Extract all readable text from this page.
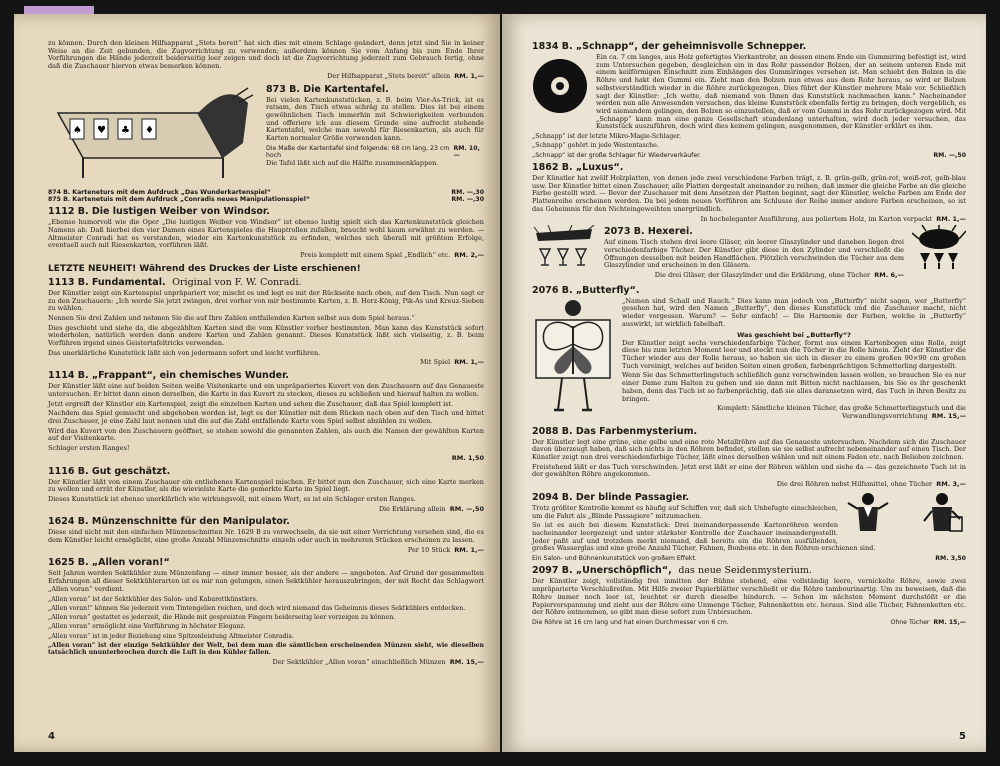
zu können. Durch den kleinen Hilfsapparat „Stets bereit“ hat sich dies mit einem Schlage geändert, denn jetzt sind Sie in keiner Weise an die Zeit gebunden, die Zugvorrichtung zu verwenden; außerdem können Sie vom Anfang bis zum Ende Ihrer Vorführungen die Hände jederzeit beiderseitig leer zeigen und doch ist die Zugvorrichtung jederzeit zum Gebrauch fertig, ohne daß die Zuschauer hiervon etwas bemerken können.

Der Hilfsapparat „Stets bereit“ allein RM. 1,—
♠ ♥ ♣ ♦
873 B. Die Kartentafel.

Bei vielen Kartenkunststücken, z. B. beim Vier-As-Trick, ist es ratsam, den Tisch etwas schräg zu stellen. Dies ist bei einem gewöhnlichen Tisch immerhin mit Schwierigkeiten verbunden und offeriere ich aus diesem Grunde eine aufrecht stehende Kartentafel, welche man sowohl für Riesenkarten, als auch für Karten normaler Größe verwenden kann.

Die Maße der Kartentafel sind folgende: 68 cm lang, 23 cm hoch
RM. 10,—

Die Tafel läßt sich auf die Hälfte zusammenklappen.

874 B. Karteneturs mit dem Aufdruck „Das Wunderkartenspiel“	RM. —,30
875 B. Kartenetuis mit dem Aufdruck „Conradis neues Manipulationsspiel“	RM. —,30
1112 B. Die lustigen Weiber von Windsor.

„Ebenso humorvoll wie die Oper „Die lustigen Weiber von Windsor“ ist ebenso lustig spielt sich das Kartenkunststück gleichen Namens ab. Daß hierbei den vier Damen eines Kartenspieles die Hauptrollen zufallen, braucht wohl kaum erwähnt zu werden. — Altmeister Conradi hat es verstanden, wieder ein Kartenkunststück zu erfinden, welches sich überall mit größtem Erfolge, eventuell auch mit Riesenkarten, vorführen läßt.

Preis komplett mit einem Spiel „Endlich“ etc. RM. 2,—
LETZTE NEUHEIT! Während des Druckes der Liste erschienen!
1113 B. Fundamental. Original von F. W. Conradi.

Der Künstler zeigt ein Kartenspiel unpräpariert vor, mischt es und legt es mit der Rückseite nach oben, auf den Tisch. Nun sagt er zu den Zuschauern: „Ich werde Sie jetzt zwingen, drei vorher von mir bestimmte Karten, z. B. Herz-König, Pik-As und Kreuz-Sieben zu wählen.

Nennen Sie drei Zahlen und nehmen Sie die auf Ihre Zahlen entfallenden Karten selbst aus dem Spiel heraus.“

Dies geschieht und siehe da, die abgezählten Karten sind die vom Künstler vorher bestimmten. Man kann das Kunststück sofort wiederholen, natürlich werden dann andere Karten und Zahlen genannt. Dieses Kunststück läßt sich vielseitig, z. B. beim Vorführen irgend eines Geistertafeltricks verwenden.

Das unerklärliche Kunststück läßt sich von jedermann sofort und leicht vorführen.

Mit Spiel RM. 1,—
1114 B. „Frappant“, ein chemisches Wunder.

Der Künstler läßt eine auf beiden Seiten weiße Visitenkarte und ein unpräpariertes Kuvert von den Zuschauern auf das Genaueste untersuchen. Er bittet dann einen derselben, die Karte in das Kuvert zu stecken, dieses zu schließen und hierauf halten zu wollen.

Jetzt ergreift der Künstler ein Kartenspiel, zeigt die einzelnen Karten und sehen die Zuschauer, daß das Spiel komplett ist.

Nachdem das Spiel gemischt und abgehoben worden ist, legt es der Künstler mit dem Rücken nach oben auf den Tisch und bittet drei Zuschauer, je eine Zahl laut nennen und die auf die Zahl entfallende Karte vom Spiel selbst abzählen zu wollen.

Wird das Kuvert von den Zuschauern geöffnet, so stehen sowohl die genannten Zahlen, als auch die Namen der gewählten Karten auf der Visitenkarte.

Schlager ersten Ranges!

RM. 1,50
1116 B. Gut geschätzt.

Der Künstler läßt von einem Zuschauer ein entliehenes Kartenspiel mischen. Er bittet nun den Zuschauer, sich eine Karte merken zu wollen und errät der Künstler, als die wievielste Karte die gemerkte Karte im Spiel liegt.

Dieses Kunststück ist ebenso unerklärlich wie wirkungsvoll, mit einem Wort, es ist ein Schlager ersten Ranges.

Die Erklärung allein RM. —,50
1624 B. Münzenschnitte für den Manipulator.

Diese sind nicht mit den einfachen Münzenschnitten Nr. 1629 B zu verwechseln, da sie mit einer Vorrichtung versehen sind, die es dem Künstler leicht ermöglicht, eine große Anzahl Münzenschnitte einzeln oder auch in mehreren Stücken erscheinen zu lassen.

Per 10 Stück RM. 1,—
1625 B. „Allen voran!“

Seit Jahren werden Sektkühler zum Münzenfang — einer immer besser, als der andere — angeboten. Auf Grund der gesammelten Erfahrungen all dieser Sektkühlerarten ist es mir nun gelungen, einen Sektkühler herauszubringen, der mit Recht das Schlagwort „Allen voran“ verdient.

„Allen voran“ ist der Sektkühler des Salon- und Kabarettkünstlers.

„Allen voran!“ können Sie jederzeit vom Tintengelien reichen, und doch wird niemand das Geheimnis dieses Sektkühlers entdecken.

„Allen voran“ gestattet es jederzeit, die Hände mit gespreizten Fingern beiderseitig leer vorzeigen zu können.

„Allen voran“ ermöglicht eine Vorführung in höchster Eleganz.

„Allen voran“ ist in jeder Beziehung eine Spitzenleistung Altmeister Conradis.

„Allen voran“ ist der einzige Sektkühler der Welt, bei dem man die sämtlichen erscheinenden Münzen sieht, wie dieselben tatsächlich ununterbrochen durch die Luft in den Kühler fallen.

Der Sektkühler „Allen voran“ einschließlich Münzen RM. 15,—
4
1834 B. „Schnapp“, der geheimnisvolle Schnepper.

Ein ca. 7 cm langes, aus Holz gefertigtes Vierkantrohr, an dessen einem Ende ein Gummiring befestigt ist, wird zum Untersuchen gegeben, desgleichen ein in das Rohr passender Bolzen, der an seinem unteren Ende mit einem keilförmigen Einschnitt zum Einhängen des Gummiringes versehen ist. Man schiebt den Bolzen in die Röhre und hakt den Gummi ein. Zieht man den Bolzen nun etwas aus dem Rohr heraus, so wird er Bolzen selbstverständlich wieder in die Röhre zurückgezogen. Dies führt der Künstler mehrere Male vor. Schließlich sagt der Künstler: „Ich wette, daß niemand von Ihnen das Kunststück nachmachen kann.“ Nacheinander werden nun alle Anwesenden versuchen, das kleine Kunststück ebenfalls fertig zu bringen, doch vergeblich, es wird niemandem gelingen, den Bolzen so einzustellen, daß er vom Gummi in das Rohr zurückgezogen wird. Mit „Schnapp“ kann man eine ganze Gesellschaft stundenlang unterhalten, wird doch jeder versuchen, das Kunststück auszuführen, doch wird dies keinem gelingen, ausgenommen, der Künstler erklärt es ihm.

„Schnapp“ ist der letzte Mikro-Magie-Schlager.

„Schnapp“ gehört in jede Westentasche.

„Schnapp“ ist der große Schlager für Wiederverkäufer.	RM. —,50
1862 B. „Luxus“.

Der Künstler hat zwölf Holzplatten, von denen jede zwei verschiedene Farben trägt, z. B. grün-gelb, grün-rot, weiß-rot, gelb-blau usw. Der Künstler bittet einen Zuschauer, alle Platten dergestalt aneinander zu reihen, daß immer die gleiche Farbe an die gleiche Farbe gestellt wird. — Bevor der Zuschauer mit dem Ansetzen der Platten beginnt, sagt der Künstler, welche Farben am Ende der Plattenreihe erscheinen werden. Da bei jedem neuen Vorführen am Schlusse der Reihe immer andere Farben erscheinen, so ist das Geheimnis für den Nichteingeweihten unergründlich.

In hocheleganter Ausführung, aus poliertem Holz, im Karton verpackt RM. 1,—
2073 B. Hexerei.

Auf einem Tisch stehen drei leere Gläser, ein leerer Glaszylinder und daneben liegen drei verschiedenfarbige Tücher. Der Künstler gibt diese in den Zylinder und verschließt die Öffnungen desselben mit beiden Handflächen. Plötzlich verschwinden die Tücher aus dem Glaszylinder und erscheinen in den Gläsern.

Die drei Gläser, der Glaszylinder und die Erklärung, ohne Tücher RM. 6,—
2076 B. „Butterfly“.

„Namen sind Schall und Rauch.“ Dies kann man jedoch von „Butterfly“ nicht sagen, wer „Butterfly“ gesehen hat, wird den Namen „Butterfly“, den dieses Kunststück und die Zuschauer macht, nicht wieder vergessen. Warum? — Sehr einfach! — Die Harmonie der Farben, welche in „Butterfly“ auswirkt, ist wirklich fabelhaft.

Was geschieht bei „Butterfly“?

Der Künstler zeigt sechs verschiedenfarbige Tücher, formt aus einem Kartenbogen eine Rolle, zeigt diese bis zum letzten Moment leer und steckt nun die Tücher in die Rolle hinein. Zieht der Künstler die Tücher wieder aus der Rolle heraus, so haben sie sich in dieser zu einem großen 90×90 cm großen Tuch vereinigt, welches auf beiden Seiten einen großen, farbenprächtigen Schmetterling dargestellt.

Wenn Sie das Schmetterlingstuch schließlich ganz verschwinden lassen wollen, so brauchen Sie es nur einer Dame zum Halten zu geben und sie dann mit Bitten nicht nachlassen, bis Sie es ihr geschenkt haben, denn das Tuch ist so farbenprächtig, daß sie alles daransetzen wird, das Tuch in ihren Besitz zu bringen.

Komplett: Sämtliche kleinen Tücher, das große Schmetterlingstuch und die Verwandlungsvorrichtung RM. 15,—
2088 B. Das Farbenmysterium.

Der Künstler legt eine grüne, eine gelbe und eine rote Metallröhre auf das Genaueste untersuchen. Nachdem sich die Zuschauer davon überzeugt haben, daß sich nichts in den Röhren befindet, stellen sie sie selbst aufrecht nebeneinander auf einen Tisch. Der Künstler zeigt nun drei verschiedenfarbige Tücher, läßt eines derselben wählen und mit einem Faden etc. nach Belieben zeichnen.

Freistehend läßt er das Tuch verschwinden. Jetzt erst läßt er eine der Röhren wählen und siehe da — das gezeichnete Tuch ist in der gewählten Röhre angekommen.

Die drei Röhren nebst Hilfsmittel, ohne Tücher RM. 3,—
2094 B. Der blinde Passagier.

Trotz größter Kontrolle kommt es häufig auf Schiffen vor, daß sich Unbefugte einschleichen, um die Fahrt als „Blinde Passagiere“ mitzumachen.

So ist es auch bei diesem Kunststück: Drei ineinanderpassende Kartonröhren werden nacheinander leergezeigt und unter stärkster Kontrolle der Zuschauer ineinandergestellt. Jeder paßt auf und trotzdem merkt niemand, daß bereits ein die Röhren ausfüllendes, großes Wasserglas und eine große Anzahl Tücher, Fahnen, Bonbons etc. in den Röhren erschienen sind.

Ein Salon- und Bühnenkunststück von großem Effekt.	RM. 3,50
2097 B. „Unerschöpflich“, das neue Seidenmysterium.

Der Künstler zeigt, vollständig frei inmitten der Bühne stehend, eine vollständig leere, vernickelte Röhre, sowie zwei unpräparierte Verschlußreifen. Mit Hilfe zweier Papierblätter verschließt er die Röhre tambourinartig. Um zu beweisen, daß die Röhre immer noch leer ist, leuchtet er durch dieselbe hindurch. — Schon im nächsten Moment durchstößt er die Papierverspannung und zieht aus der Röhre eine Unmenge Tücher, Fahnenketten etc. heraus. Sind alle Tücher, Fahnenketten etc. der Röhre entnommen, so gibt man diese sofort zum Untersuchen.

Die Röhre ist 16 cm lang und hat einen Durchmesser von 6 cm.	Ohne Tücher RM. 15,—
5
